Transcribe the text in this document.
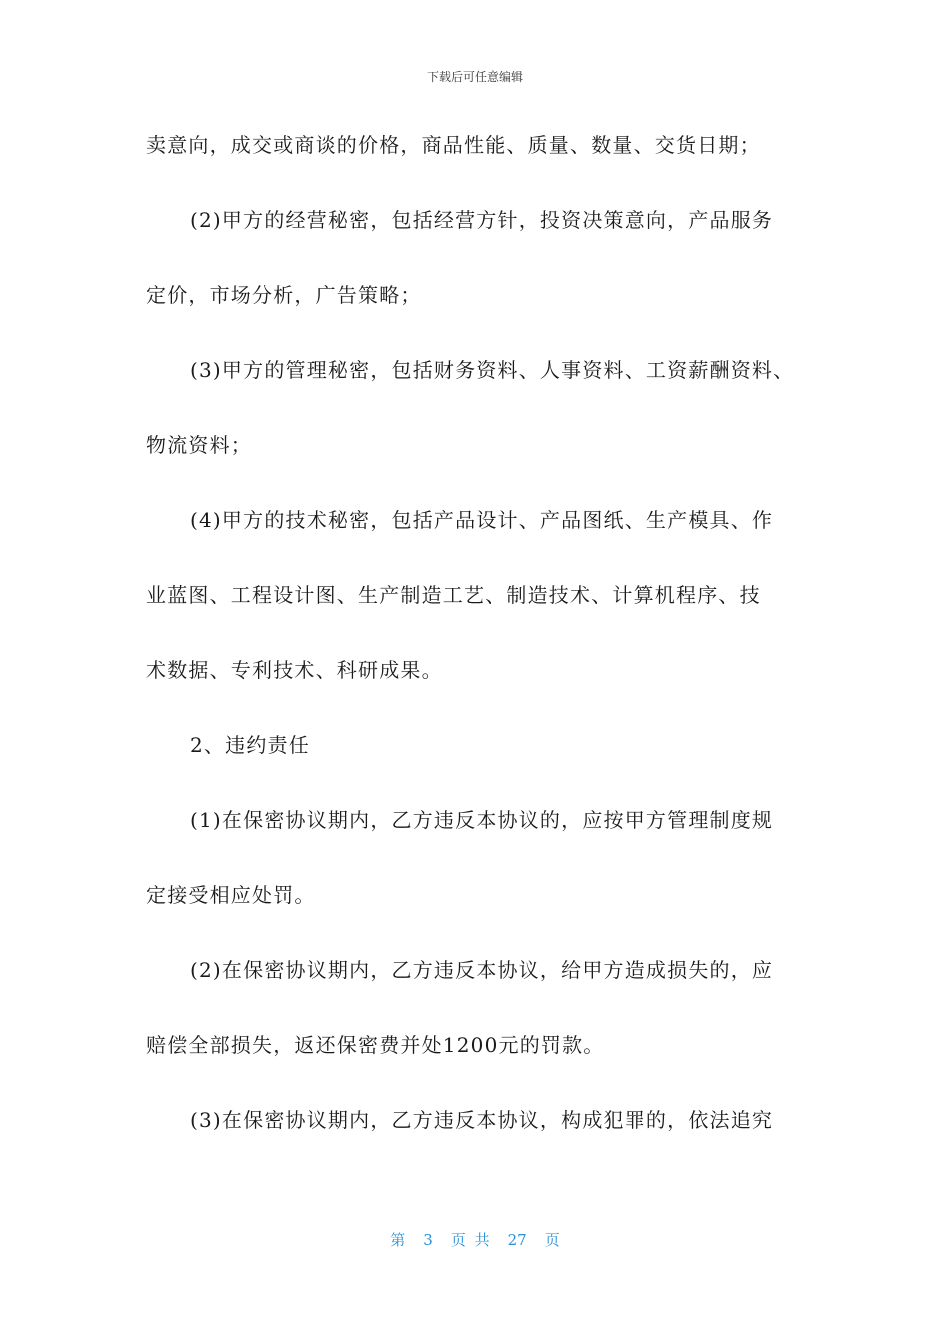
下载后可任意编辑
卖意向，成交或商谈的价格，商品性能、质量、数量、交货日期；
(2)甲方的经营秘密，包括经营方针，投资决策意向，产品服务
定价，市场分析，广告策略；
(3)甲方的管理秘密，包括财务资料、人事资料、工资薪酬资料、
物流资料；
(4)甲方的技术秘密，包括产品设计、产品图纸、生产模具、作
业蓝图、工程设计图、生产制造工艺、制造技术、计算机程序、技
术数据、专利技术、科研成果。
2、违约责任
(1)在保密协议期内，乙方违反本协议的，应按甲方管理制度规
定接受相应处罚。
(2)在保密协议期内，乙方违反本协议，给甲方造成损失的，应
赔偿全部损失，返还保密费并处1200元的罚款。
(3)在保密协议期内，乙方违反本协议，构成犯罪的，依法追究
第 3 页 共 27 页
